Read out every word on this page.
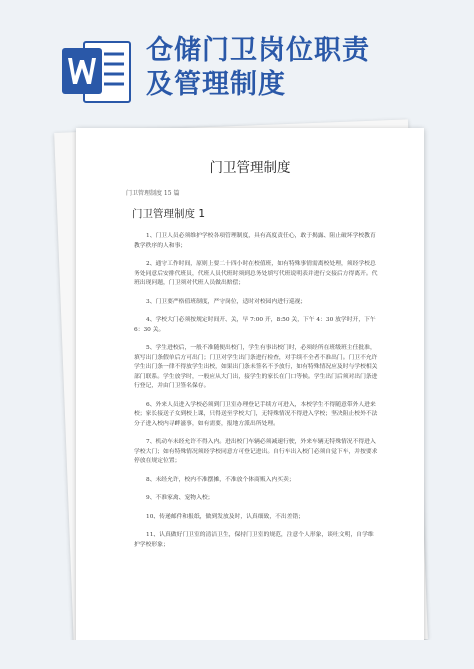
仓储门卫岗位职责
及管理制度
门卫管理制度
门卫管理制度 15 篇
门卫管理制度 1

1、门卫人员必须维护学校各项管理制度，具有高度责任心，敢于揭露、阻止破坏学校教育教学秩序的人和事；

2、通守工作时间，原则上要二十四小时在校值班，如有特殊事情需离校处理，须经学校总务处同意后安排代班员，代班人员代班时须到总务处填写代班说明表并进行交接后方得离开。代班出现问题，门卫须对代班人员做出赔偿；

3、门卫要严格值班制度，严守岗位，适时对校园内进行巡视；

4、学校大门必须按规定时间开、关，早 7:00 开，8:50 关，下午 4：30 放学时开，下午 6：30 关。

5、学生进校后，一般不准随便出校门，学生有事出校门时，必须经所在班级班主任批准，填写出门条假单后方可出门；门卫对学生出门条进行检查，对手续不全者不准出门。门卫不允许学生出门条一律不得放学生出校，如果出门条未签名不予放行，如有特殊情况应及时与学校相关部门联系。学生放学时，一般应从大门出，接学生的家长在门口等候。学生出门后须对出门条进行登记，并由门卫签名保存。

6、外来人员进入学校必须到门卫室办理登记手续方可进入，本校学生不得随意带外人进来校；家长接送子女到校上课，只得送至学校大门，无特殊情况不得进入学校；坚决阻止校外不法分子进入校内寻衅滋事，如有需要，报地方派出所处理。

7、机动车未经允许不得入内。进出校门车辆必须减速行驶，外来车辆无特殊情况不得进入学校大门；如有特殊情况须经学校同意方可登记进出。自行车出入校门必须自觉下车，并按要求停放在规定位置；

8、未经允许，校内不准摆摊，不准放个体商贩入内买卖；

9、不准家禽、宠物入校；

10、传递邮件和报纸，做到发放及时，认真细致，不出差错；

11、认真做好门卫室的清洁卫生，保持门卫室的规范，注意个人形象，谈吐文明，自学维护学校形象；
